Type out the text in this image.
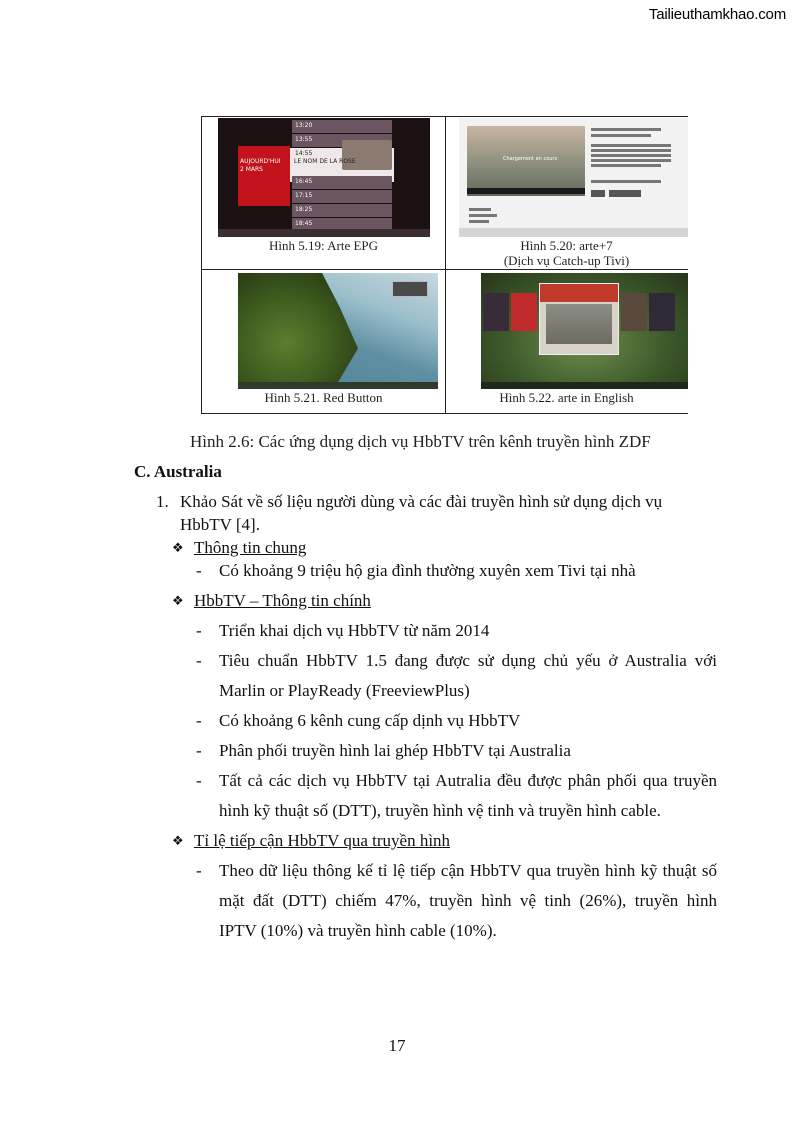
Tailieuthamkhao.com
AUJOURD'HUI
2 MARS
LE NOM DE LA ROSE
13:20
13:55
14:55
16:45
17:15
18:25
18:45
Hình 5.19: Arte EPG
Chargement en cours
Hình 5.20: arte+7
(Dịch vụ Catch-up Tivi)
Hình 5.21. Red Button	Hình 5.22. arte in English
Hình 2.6: Các ứng dụng dịch vụ HbbTV trên kênh truyền hình ZDF
C. Australia
1. Khảo Sát về số liệu người dùng và các đài truyền hình sử dụng dịch vụ
HbbTV [4].
❖ Thông tin chung
- Có khoảng 9 triệu hộ gia đình thường xuyên xem Tivi tại nhà
❖ HbbTV – Thông tin chính
- Triển khai dịch vụ HbbTV từ năm 2014
- Tiêu chuẩn HbbTV 1.5 đang được sử dụng chủ yếu ở Australia với
Marlin or PlayReady (FreeviewPlus)
- Có khoảng 6 kênh cung cấp dịnh vụ HbbTV
- Phân phối truyền hình lai ghép HbbTV tại Australia
- Tất cả các dịch vụ HbbTV tại Autralia đều được phân phối qua truyền
hình kỹ thuật số (DTT), truyền hình vệ tinh và truyền hình cable.
❖ Tỉ lệ tiếp cận HbbTV qua truyền hình
- Theo dữ liệu thông kế tỉ lệ tiếp cận HbbTV qua truyền hình kỹ thuật số
mặt đất (DTT) chiếm 47%, truyền hình vệ tinh (26%), truyền hình
IPTV (10%) và truyền hình cable (10%).
17
